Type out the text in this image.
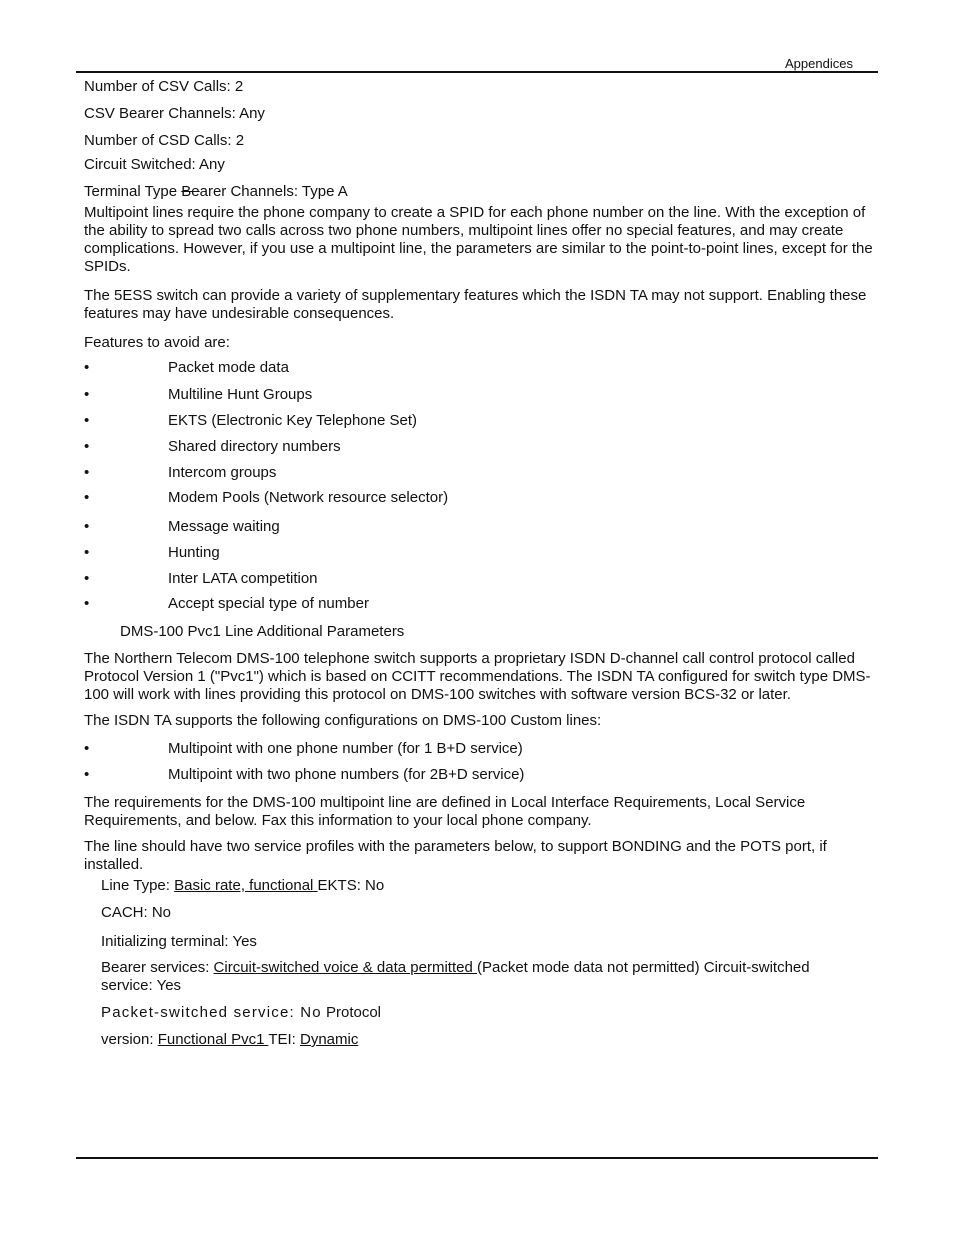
Appendices
Number of CSV Calls: 2
CSV Bearer Channels: Any
Number of CSD Calls: 2
Circuit Switched: Any
Terminal Type Bearer Channels: Type A
Multipoint lines require the phone company to create a SPID for each phone number on the line. With the exception of the ability to spread two calls across two phone numbers, multipoint lines offer no special features, and may create complications. However, if you use a multipoint line, the parameters are similar to the point-to-point lines, except for the SPIDs.
The 5ESS switch can provide a variety of supplementary features which the ISDN TA may not support. Enabling these features may have undesirable consequences.
Features to avoid are:
•	Packet mode data
•	Multiline Hunt Groups
•	EKTS (Electronic Key Telephone Set)
•	Shared directory numbers
•	Intercom groups
•	Modem Pools (Network resource selector)
•	Message waiting
•	Hunting
•	Inter LATA competition
•	Accept special type of number
DMS-100 Pvc1 Line Additional Parameters
The Northern Telecom DMS-100 telephone switch supports a proprietary ISDN D-channel call control protocol called Protocol Version 1 ("Pvc1") which is based on CCITT recommendations. The ISDN TA configured for switch type DMS-100 will work with lines providing this protocol on DMS-100 switches with software version BCS-32 or later.
The ISDN TA supports the following configurations on DMS-100 Custom lines:
•	Multipoint with one phone number (for 1 B+D service)
•	Multipoint with two phone numbers (for 2B+D service)
The requirements for the DMS-100 multipoint line are defined in Local Interface Requirements, Local Service Requirements, and below. Fax this information to your local phone company.
The line should have two service profiles with the parameters below, to support BONDING and the POTS port, if installed.
Line Type: Basic rate, functional EKTS: No
CACH: No
Initializing terminal: Yes
Bearer services: Circuit-switched voice & data permitted (Packet mode data not permitted) Circuit-switched service: Yes
Packet-switched service: No Protocol
version: Functional Pvc1 TEI: Dynamic
